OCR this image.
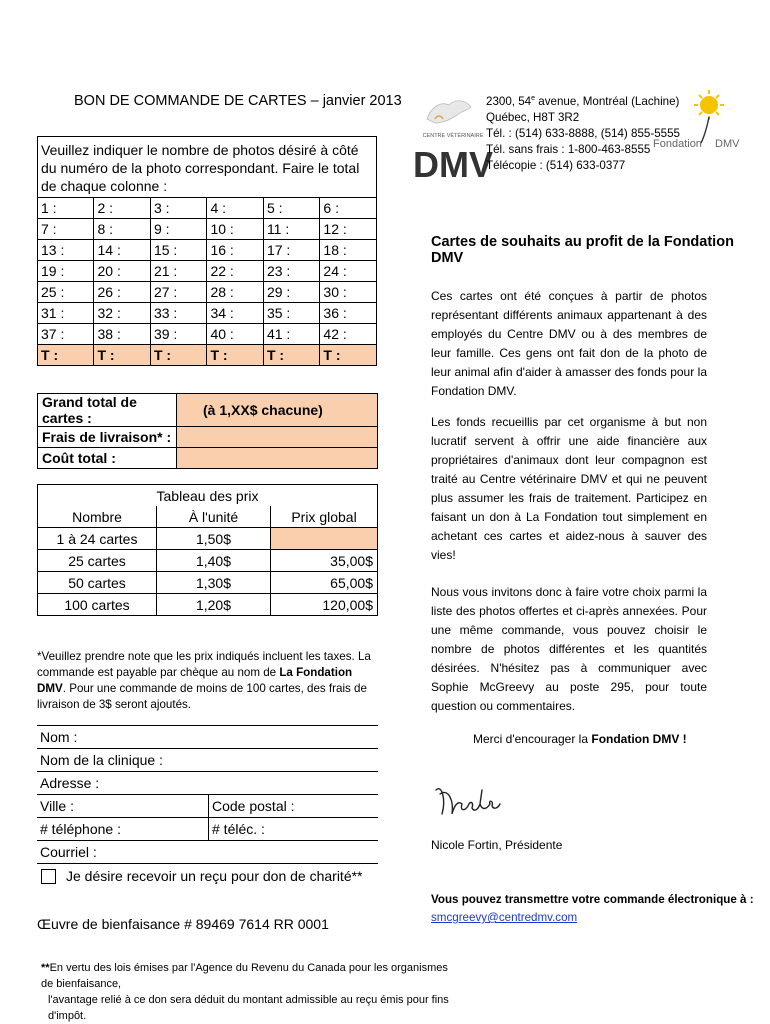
BON DE COMMANDE DE CARTES – janvier 2013
Veuillez indiquer le nombre de photos désiré à côté du numéro de la photo correspondant. Faire le total de chaque colonne :					
1 :	2 :	3 :	4 :	5 :	6 :
7 :	8 :	9 :	10 :	11 :	12 :
13 :	14 :	15 :	16 :	17 :	18 :
19 :	20 :	21 :	22 :	23 :	24 :
25 :	26 :	27 :	28 :	29 :	30 :
31 :	32 :	33 :	34 :	35 :	36 :
37 :	38 :	39 :	40 :	41 :	42 :
T :	T :	T :	T :	T :	T :
Grand total de cartes :	(à 1,XX$ chacune)
Frais de livraison* :	
Coût total :	
Tableau des prix		
Nombre	À l'unité	Prix global
1 à 24 cartes	1,50$	
25 cartes	1,40$	35,00$
50 cartes	1,30$	65,00$
100 cartes	1,20$	120,00$
*Veuillez prendre note que les prix indiqués incluent les taxes. La commande est payable par chèque au nom de La Fondation DMV. Pour une commande de moins de 100 cartes, des frais de livraison de 3$ seront ajoutés.
Nom :	
Nom de la clinique :	
Adresse :	
Ville :	Code postal :
# téléphone :	# téléc. :
Courriel :	
Je désire recevoir un reçu pour don de charité**
Œuvre de bienfaisance # 89469 7614 RR 0001
**En vertu des lois émises par l'Agence du Revenu du Canada pour les organismes de bienfaisance,
l'avantage relié à ce don sera déduit du montant admissible au reçu émis pour fins d'impôt.
CENTRE VÉTÉRINAIRE
DMV
2300, 54e avenue, Montréal (Lachine)
Québec, H8T 3R2
Tél. : (514) 633-8888, (514) 855-5555
Tél. sans frais : 1-800-463-8555
Télécopie : (514) 633-0377
Fondation DMV
Cartes de souhaits au profit de la Fondation DMV
Ces cartes ont été conçues à partir de photos représentant différents animaux appartenant à des employés du Centre DMV ou à des membres de leur famille. Ces gens ont fait don de la photo de leur animal afin d'aider à amasser des fonds pour la Fondation DMV.
Les fonds recueillis par cet organisme à but non lucratif servent à offrir une aide financière aux propriétaires d'animaux dont leur compagnon est traité au Centre vétérinaire DMV et qui ne peuvent plus assumer les frais de traitement. Participez en faisant un don à La Fondation tout simplement en achetant ces cartes et aidez-nous à sauver des vies!
Nous vous invitons donc à faire votre choix parmi la liste des photos offertes et ci-après annexées. Pour une même commande, vous pouvez choisir le nombre de photos différentes et les quantités désirées. N'hésitez pas à communiquer avec Sophie McGreevy au poste 295, pour toute question ou commentaires.
Merci d'encourager la Fondation DMV !
Nicole Fortin, Présidente
Vous pouvez transmettre votre commande électronique à :
smcgreevy@centredmv.com
